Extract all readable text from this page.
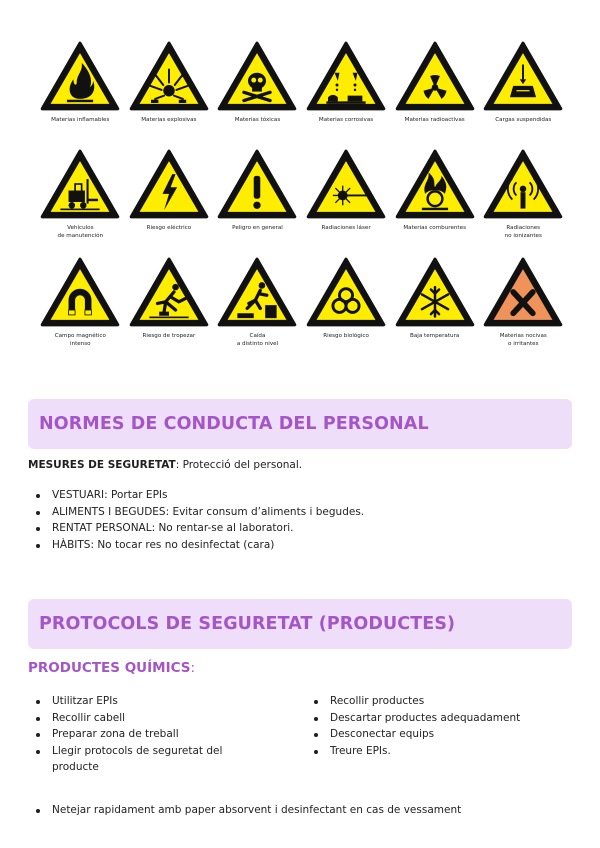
Materias inflamables	Materias explosivas	Materias tóxicas	Materias corrosivas	Materias radioactivas	Cargas suspendidas
Vehículos
de manutención
Riesgo eléctrico	Peligro en general	Radiaciones láser	Materias comburentes	Radiaciones
no ionizantes
Campo magnético
intenso
Riesgo de tropezar	Caída
a distinto nivel
Riesgo biológico	Baja temperatura	Materias nocivas
o irritantes
NORMES DE CONDUCTA DEL PERSONAL
MESURES DE SEGURETAT: Protecció del personal.
VESTUARI: Portar EPIs
ALIMENTS I BEGUDES: Evitar consum d’aliments i begudes.
RENTAT PERSONAL: No rentar-se al laboratori.
HÀBITS: No tocar res no desinfectat (cara)
PROTOCOLS DE SEGURETAT (PRODUCTES)
PRODUCTES QUÍMICS:
Utilitzar EPIs
Recollir cabell
Preparar zona de treball
Llegir protocols de seguretat del producte
Recollir productes
Descartar productes adequadament
Desconectar equips
Treure EPIs.
Netejar rapidament amb paper absorvent i desinfectant en cas de vessament
